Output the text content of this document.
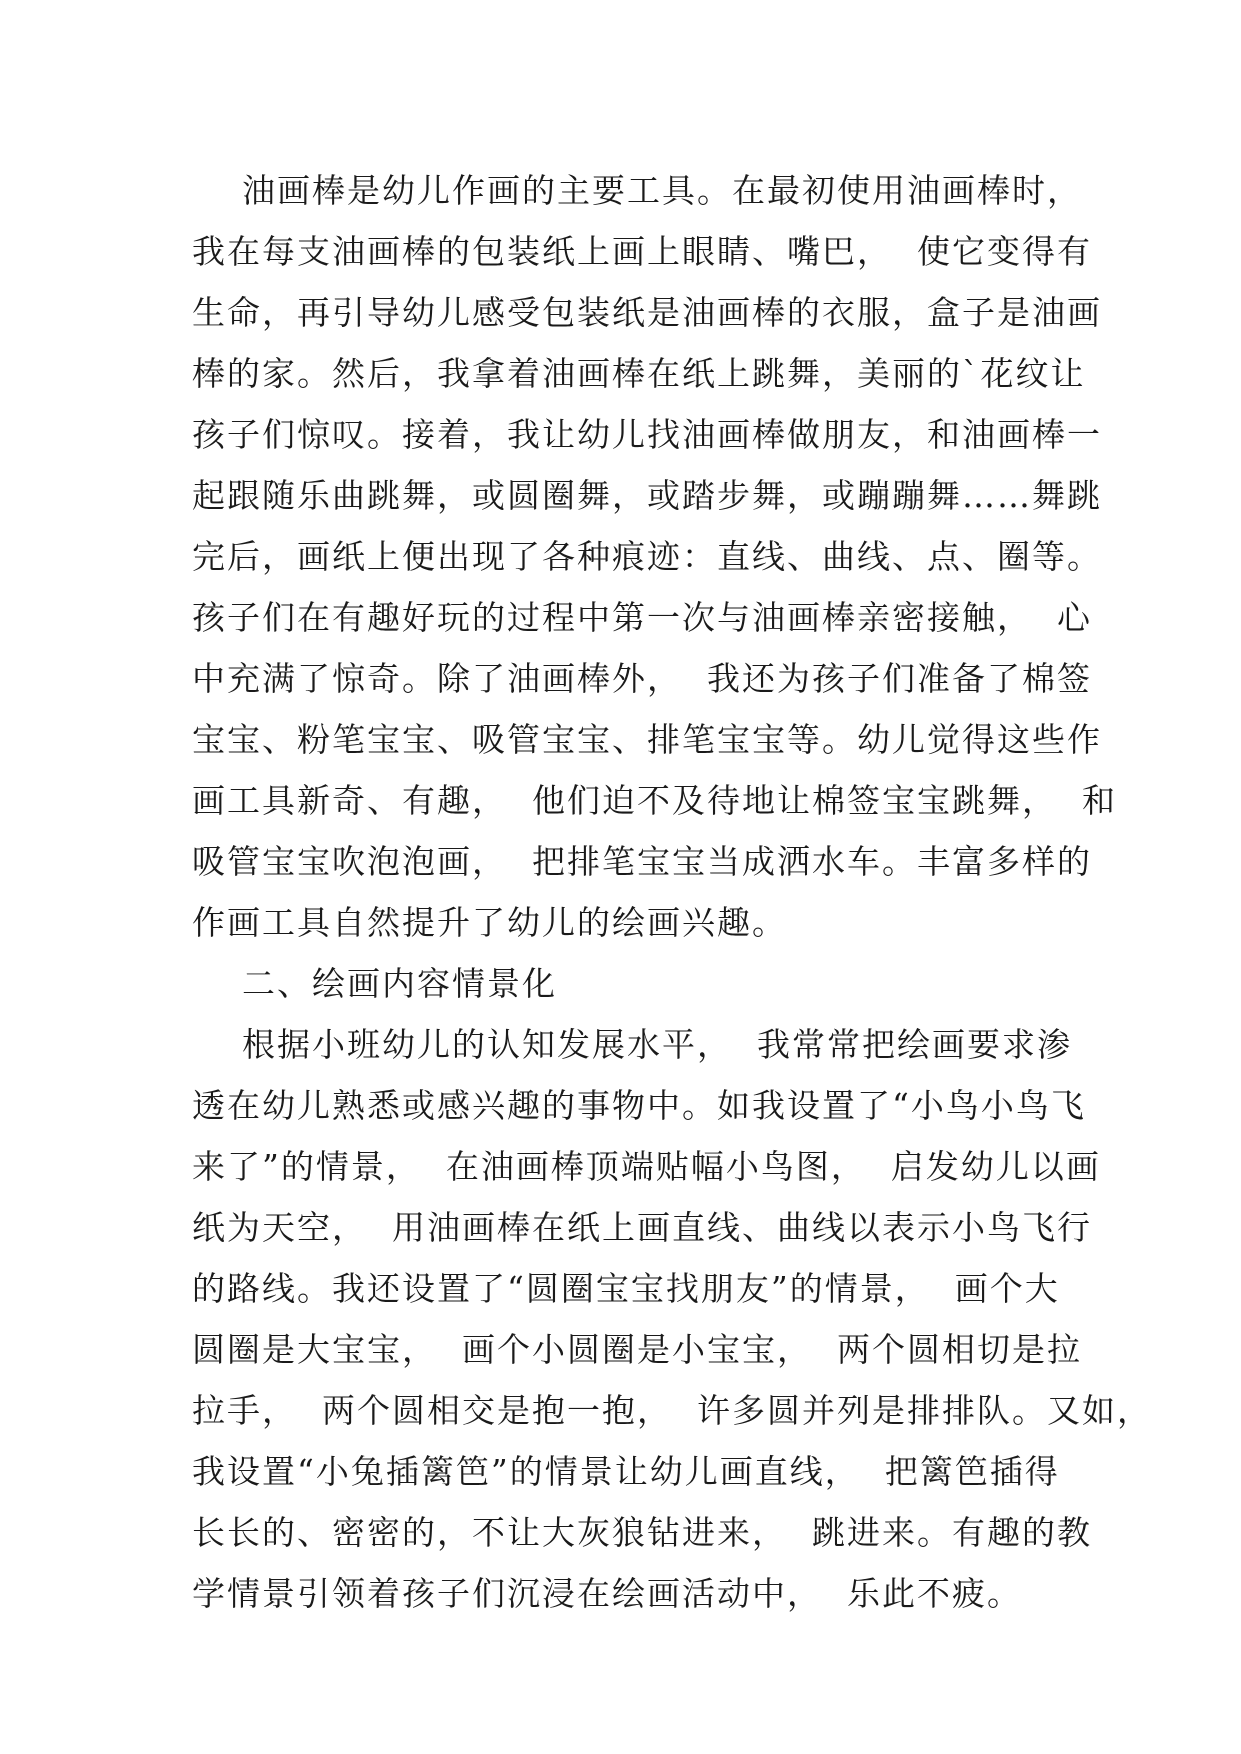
油画棒是幼儿作画的主要工具。在最初使用油画棒时，
我在每支油画棒的包装纸上画上眼睛、嘴巴，  使它变得有
生命，再引导幼儿感受包装纸是油画棒的衣服，盒子是油画
棒的家。然后，我拿着油画棒在纸上跳舞，美丽的`花纹让
孩子们惊叹。接着，我让幼儿找油画棒做朋友，和油画棒一
起跟随乐曲跳舞，或圆圈舞，或踏步舞，或蹦蹦舞……舞跳
完后，画纸上便出现了各种痕迹：直线、曲线、点、圈等。
孩子们在有趣好玩的过程中第一次与油画棒亲密接触，  心
中充满了惊奇。除了油画棒外，  我还为孩子们准备了棉签
宝宝、粉笔宝宝、吸管宝宝、排笔宝宝等。幼儿觉得这些作
画工具新奇、有趣，  他们迫不及待地让棉签宝宝跳舞，  和
吸管宝宝吹泡泡画，  把排笔宝宝当成洒水车。丰富多样的
作画工具自然提升了幼儿的绘画兴趣。
二、绘画内容情景化
根据小班幼儿的认知发展水平，  我常常把绘画要求渗
透在幼儿熟悉或感兴趣的事物中。如我设置了“小鸟小鸟飞
来了”的情景，  在油画棒顶端贴幅小鸟图，  启发幼儿以画
纸为天空，  用油画棒在纸上画直线、曲线以表示小鸟飞行
的路线。我还设置了“圆圈宝宝找朋友”的情景，  画个大
圆圈是大宝宝，  画个小圆圈是小宝宝，  两个圆相切是拉
拉手，  两个圆相交是抱一抱，  许多圆并列是排排队。又如，
我设置“小兔插篱笆”的情景让幼儿画直线，  把篱笆插得
长长的、密密的，不让大灰狼钻进来，  跳进来。有趣的教
学情景引领着孩子们沉浸在绘画活动中，  乐此不疲。
